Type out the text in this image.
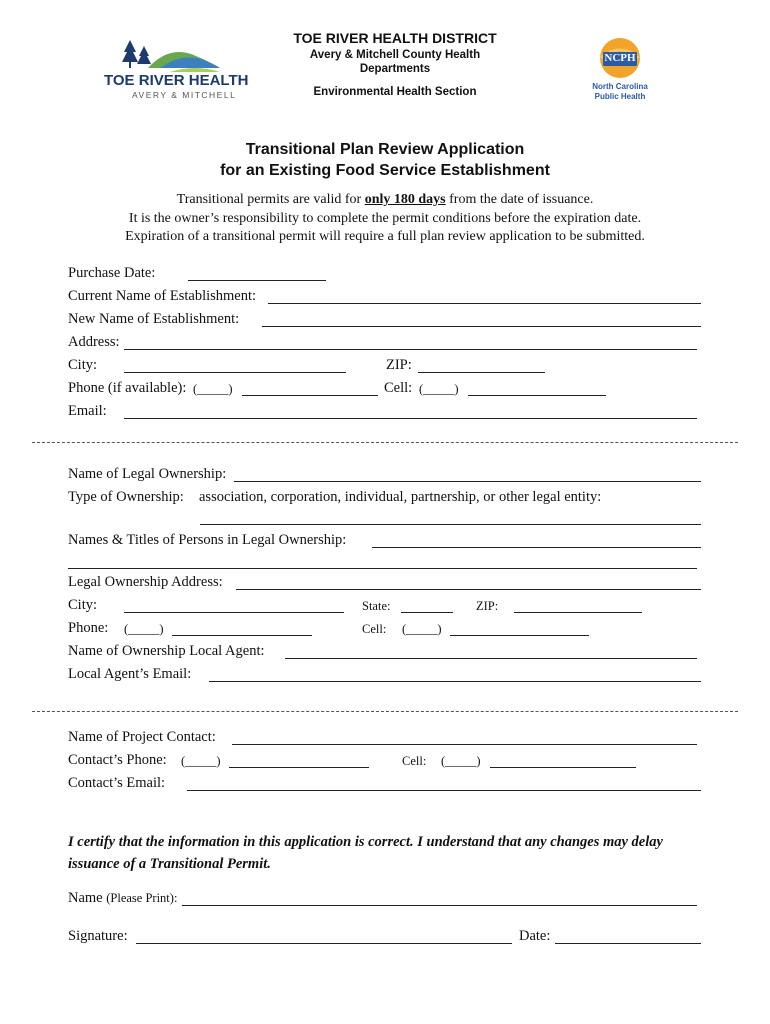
TOE RIVER HEALTH
AVERY & MITCHELL
TOE RIVER HEALTH DISTRICT
Avery & Mitchell County Health Departments
Environmental Health Section
NCPH
North Carolina
Public Health
Transitional Plan Review Application
for an Existing Food Service Establishment
Transitional permits are valid for only 180 days from the date of issuance.
It is the owner’s responsibility to complete the permit conditions before the expiration date.
Expiration of a transitional permit will require a full plan review application to be submitted.
Purchase Date:
Current Name of Establishment:
New Name of Establishment:
Address:
City:	ZIP:
Phone (if available): (_____)	Cell: (_____)
Email:
Name of Legal Ownership:
Type of Ownership: association, corporation, individual, partnership, or other legal entity:
Names & Titles of Persons in Legal Ownership:
Legal Ownership Address:
City:	State:	ZIP:
Phone: (_____)	Cell: (_____)
Name of Ownership Local Agent:
Local Agent’s Email:
Name of Project Contact:
Contact’s Phone: (_____)	Cell: (_____)
Contact’s Email:
I certify that the information in this application is correct. I understand that any changes may delay issuance of a Transitional Permit.
Name (Please Print):
Signature:	Date:
